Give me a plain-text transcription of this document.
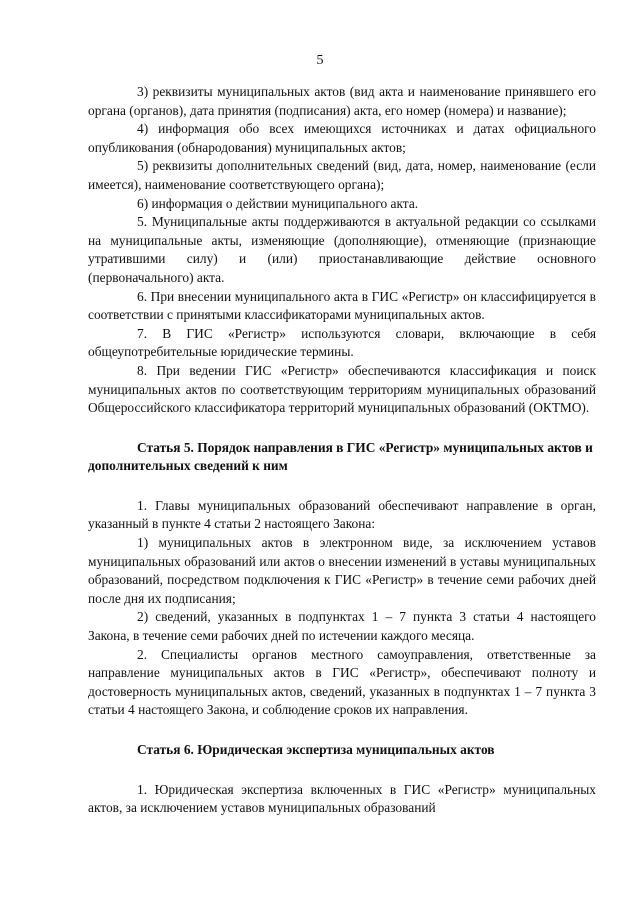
5

3) реквизиты муниципальных актов (вид акта и наименование принявшего его органа (органов), дата принятия (подписания) акта, его номер (номера) и название);

4) информация обо всех имеющихся источниках и датах официального опубликования (обнародования) муниципальных актов;

5) реквизиты дополнительных сведений (вид, дата, номер, наименование (если имеется), наименование соответствующего органа);

6) информация о действии муниципального акта.

5. Муниципальные акты поддерживаются в актуальной редакции со ссылками на муниципальные акты, изменяющие (дополняющие), отменяющие (признающие утратившими силу) и (или) приостанавливающие действие основного (первоначального) акта.

6. При внесении муниципального акта в ГИС «Регистр» он классифицируется в соответствии с принятыми классификаторами муниципальных актов.

7. В ГИС «Регистр» используются словари, включающие в себя общеупотребительные юридические термины.

8. При ведении ГИС «Регистр» обеспечиваются классификация и поиск муниципальных актов по соответствующим территориям муниципальных образований Общероссийского классификатора территорий муниципальных образований (ОКТМО).

Статья 5. Порядок направления в ГИС «Регистр» муниципальных актов и дополнительных сведений к ним

1. Главы муниципальных образований обеспечивают направление в орган, указанный в пункте 4 статьи 2 настоящего Закона:

1) муниципальных актов в электронном виде, за исключением уставов муниципальных образований или актов о внесении изменений в уставы муниципальных образований, посредством подключения к ГИС «Регистр» в течение семи рабочих дней после дня их подписания;

2) сведений, указанных в подпунктах 1 – 7 пункта 3 статьи 4 настоящего Закона, в течение семи рабочих дней по истечении каждого месяца.

2. Специалисты органов местного самоуправления, ответственные за направление муниципальных актов в ГИС «Регистр», обеспечивают полноту и достоверность муниципальных актов, сведений, указанных в подпунктах 1 – 7 пункта 3 статьи 4 настоящего Закона, и соблюдение сроков их направления.

Статья 6. Юридическая экспертиза муниципальных актов

1. Юридическая экспертиза включенных в ГИС «Регистр» муниципальных актов, за исключением уставов муниципальных образований
